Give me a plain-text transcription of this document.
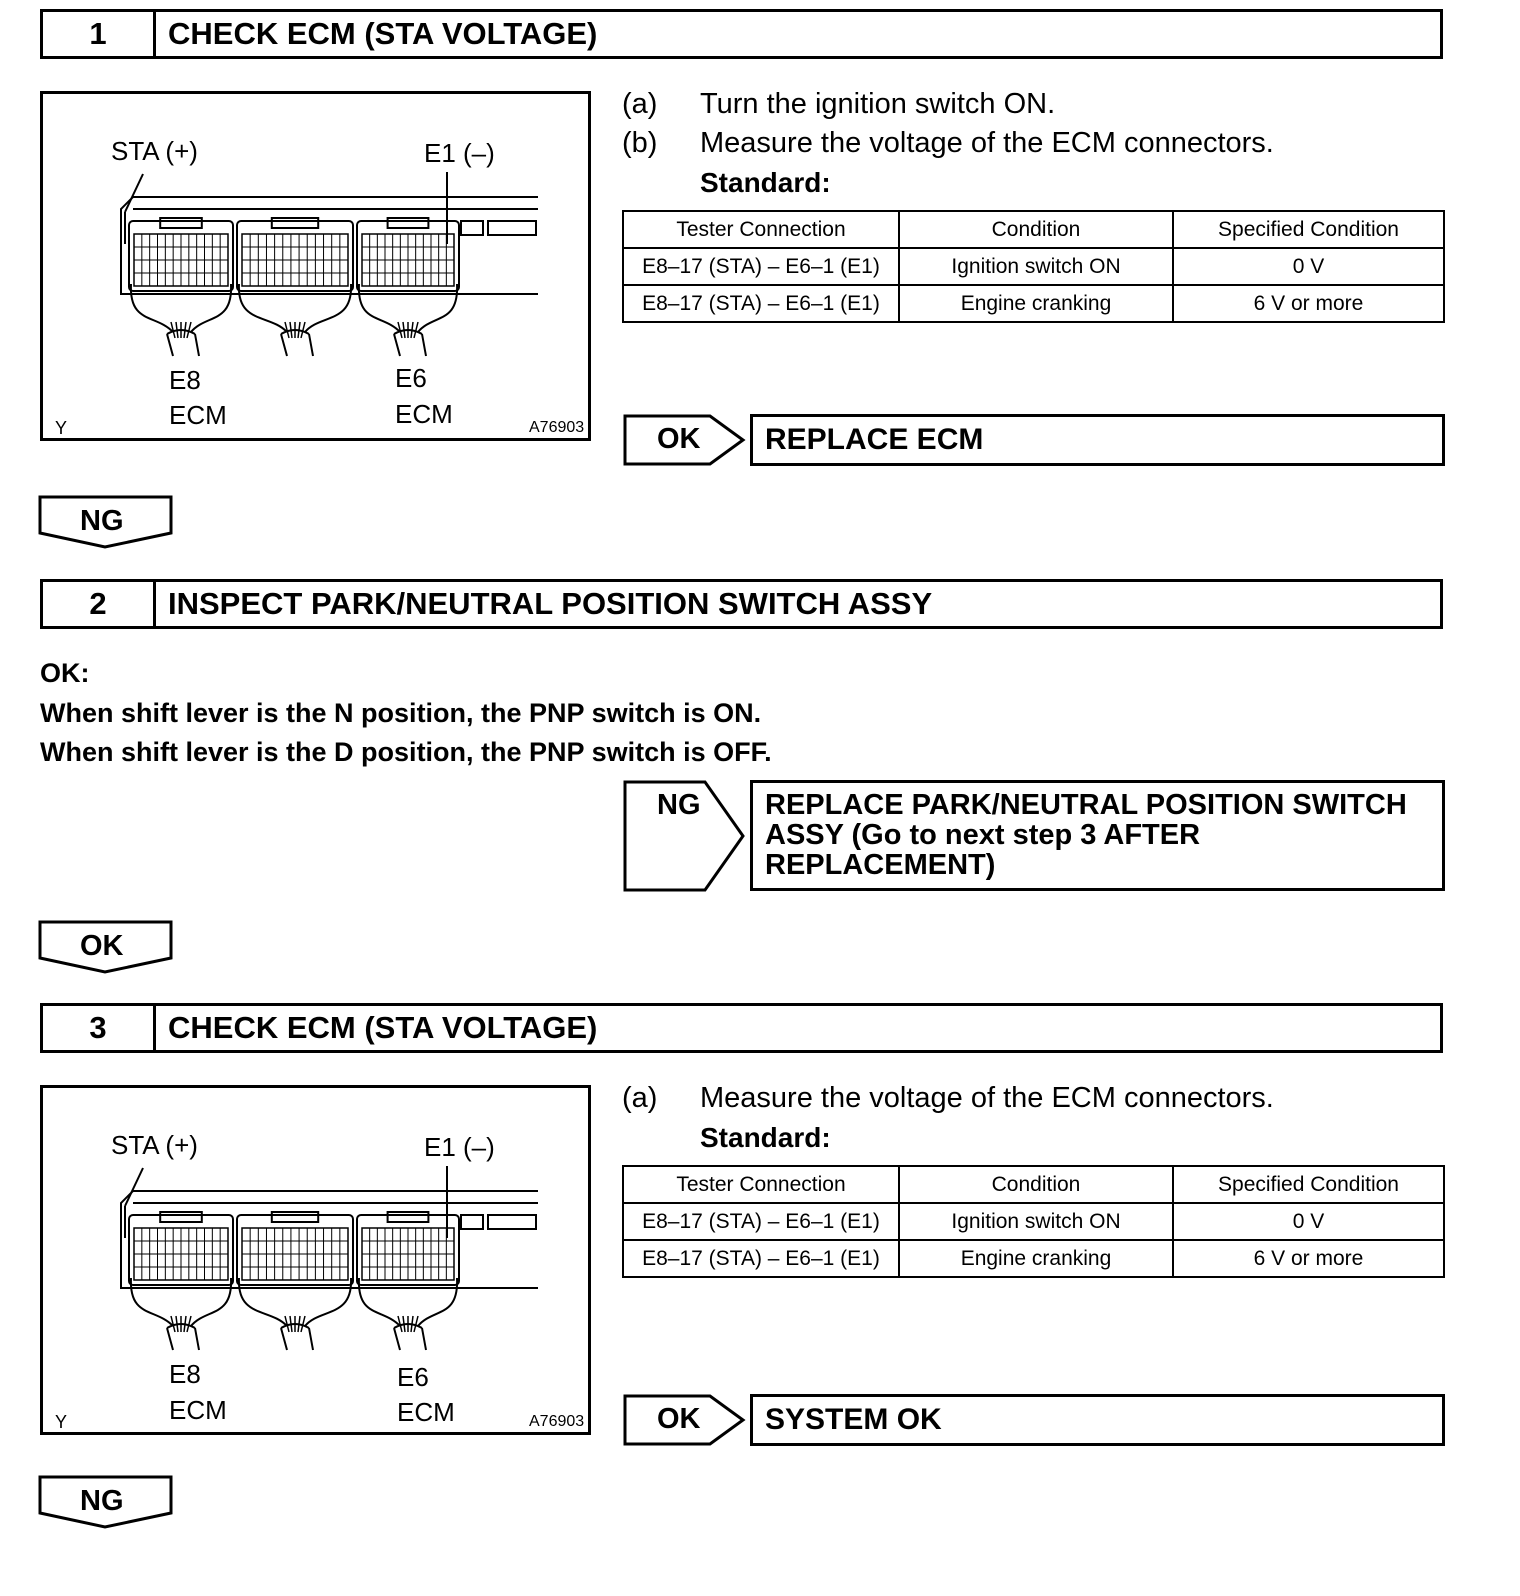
1	CHECK ECM (STA VOLTAGE)
STA (+)	E1 (–)
E8	E6
ECM	ECM
Y	A76903
(a) Turn the ignition switch ON.
(b) Measure the voltage of the ECM connectors.
Standard:
Tester Connection	Condition	Specified Condition
E8–17 (STA) – E6–1 (E1)	Ignition switch ON	0 V
E8–17 (STA) – E6–1 (E1)	Engine cranking	6 V or more
OK	REPLACE ECM
NG
2	INSPECT PARK/NEUTRAL POSITION SWITCH ASSY
OK:
When shift lever is the N position, the PNP switch is ON.
When shift lever is the D position, the PNP switch is OFF.
NG REPLACE PARK/NEUTRAL POSITION SWITCH
ASSY (Go to next step 3 AFTER
REPLACEMENT)
OK
3	CHECK ECM (STA VOLTAGE)
STA (+)	E1 (–)
E8	E6
ECM	ECM
Y	A76903
(a) Measure the voltage of the ECM connectors.
Standard:
Tester Connection	Condition	Specified Condition
E8–17 (STA) – E6–1 (E1)	Ignition switch ON	0 V
E8–17 (STA) – E6–1 (E1)	Engine cranking	6 V or more
OK	SYSTEM OK
NG
